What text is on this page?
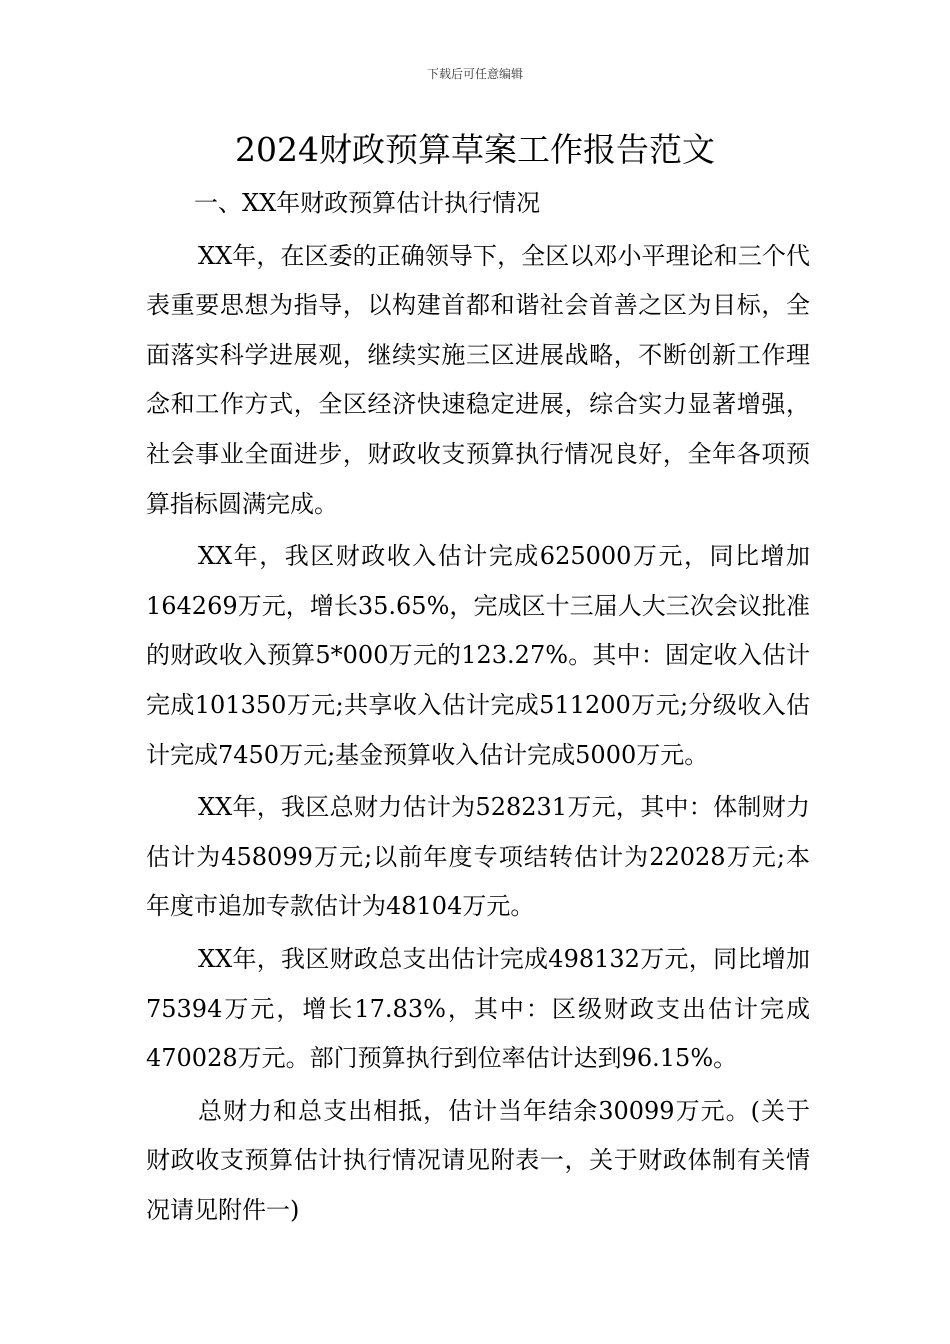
下载后可任意编辑
2024财政预算草案工作报告范文

一、XX年财政预算估计执行情况

XX年，在区委的正确领导下，全区以邓小平理论和三个代表重要思想为指导，以构建首都和谐社会首善之区为目标，全面落实科学进展观，继续实施三区进展战略，不断创新工作理念和工作方式，全区经济快速稳定进展，综合实力显著增强，社会事业全面进步，财政收支预算执行情况良好，全年各项预算指标圆满完成。

XX年，我区财政收入估计完成625000万元，同比增加164269万元，增长35.65%，完成区十三届人大三次会议批准的财政收入预算5*000万元的123.27%。其中：固定收入估计完成101350万元;共享收入估计完成511200万元;分级收入估计完成7450万元;基金预算收入估计完成5000万元。

XX年，我区总财力估计为528231万元，其中：体制财力估计为458099万元;以前年度专项结转估计为22028万元;本年度市追加专款估计为48104万元。

XX年，我区财政总支出估计完成498132万元，同比增加75394万元，增长17.83%，其中：区级财政支出估计完成470028万元。部门预算执行到位率估计达到96.15%。

总财力和总支出相抵，估计当年结余30099万元。(关于财政收支预算估计执行情况请见附表一，关于财政体制有关情况请见附件一)
